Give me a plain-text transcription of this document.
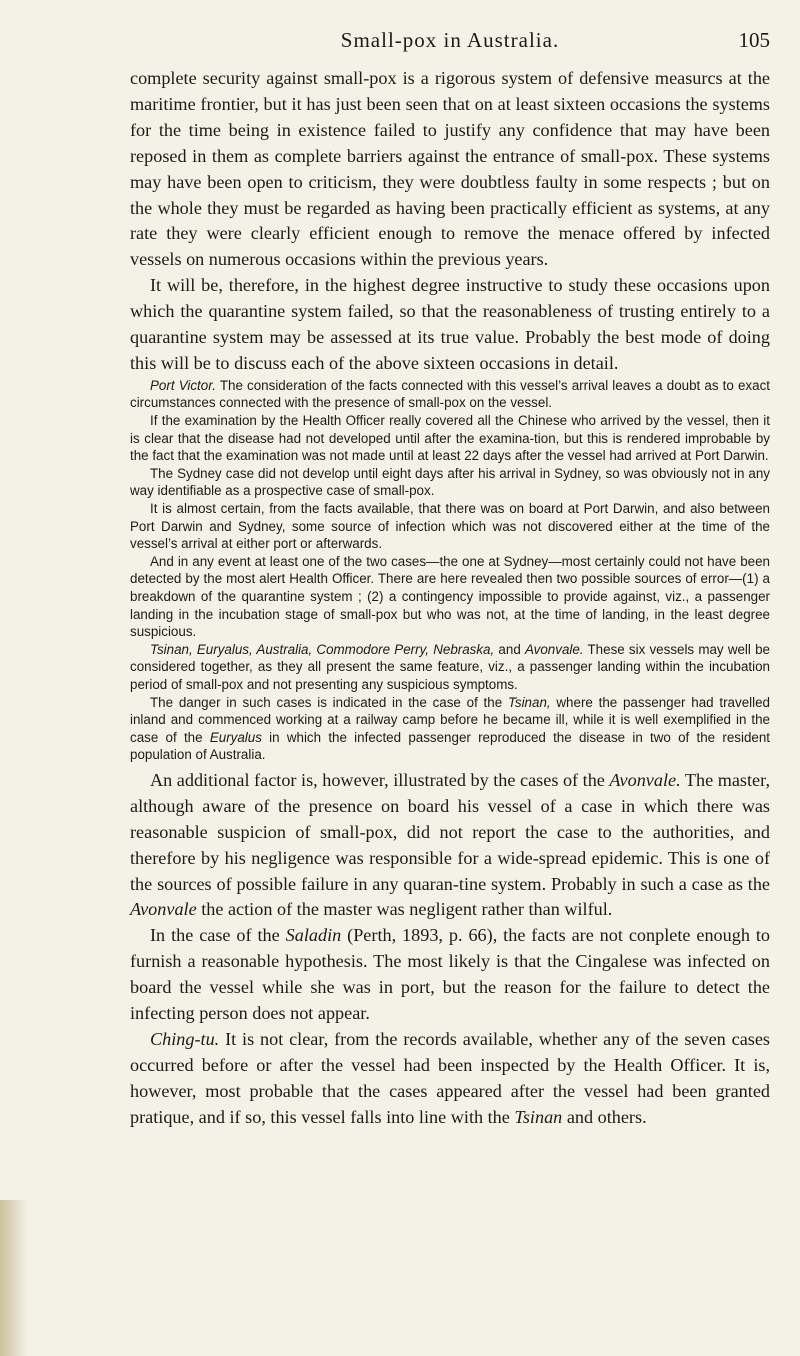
Small-pox in Australia.	105

complete security against small-pox is a rigorous system of defensive measurcs at the maritime frontier, but it has just been seen that on at least sixteen occasions the systems for the time being in existence failed to justify any confidence that may have been reposed in them as complete barriers against the entrance of small-pox. These systems may have been open to criticism, they were doubtless faulty in some respects ; but on the whole they must be regarded as having been practically efficient as systems, at any rate they were clearly efficient enough to remove the menace offered by infected vessels on numerous occasions within the previous years.

It will be, therefore, in the highest degree instructive to study these occasions upon which the quarantine system failed, so that the reasonableness of trusting entirely to a quarantine system may be assessed at its true value. Probably the best mode of doing this will be to discuss each of the above sixteen occasions in detail.

Port Victor. The consideration of the facts connected with this vessel’s arrival leaves a doubt as to exact circumstances connected with the presence of small-pox on the vessel.

If the examination by the Health Officer really covered all the Chinese who arrived by the vessel, then it is clear that the disease had not developed until after the examina-tion, but this is rendered improbable by the fact that the examination was not made until at least 22 days after the vessel had arrived at Port Darwin.

The Sydney case did not develop until eight days after his arrival in Sydney, so was obviously not in any way identifiable as a prospective case of small-pox.

It is almost certain, from the facts available, that there was on board at Port Darwin, and also between Port Darwin and Sydney, some source of infection which was not discovered either at the time of the vessel’s arrival at either port or afterwards.

And in any event at least one of the two cases—the one at Sydney—most certainly could not have been detected by the most alert Health Officer. There are here revealed then two possible sources of error—(1) a breakdown of the quarantine system ; (2) a contingency impossible to provide against, viz., a passenger landing in the incubation stage of small-pox but who was not, at the time of landing, in the least degree suspicious.

Tsinan, Euryalus, Australia, Commodore Perry, Nebraska, and Avonvale. These six vessels may well be considered together, as they all present the same feature, viz., a passenger landing within the incubation period of small-pox and not presenting any suspicious symptoms.

The danger in such cases is indicated in the case of the Tsinan, where the passenger had travelled inland and commenced working at a railway camp before he became ill, while it is well exemplified in the case of the Euryalus in which the infected passenger reproduced the disease in two of the resident population of Australia.

An additional factor is, however, illustrated by the cases of the Avonvale. The master, although aware of the presence on board his vessel of a case in which there was reasonable suspicion of small-pox, did not report the case to the authorities, and therefore by his negligence was responsible for a wide-spread epidemic. This is one of the sources of possible failure in any quaran-tine system. Probably in such a case as the Avonvale the action of the master was negligent rather than wilful.

In the case of the Saladin (Perth, 1893, p. 66), the facts are not conplete enough to furnish a reasonable hypothesis. The most likely is that the Cingalese was infected on board the vessel while she was in port, but the reason for the failure to detect the infecting person does not appear.

Ching-tu. It is not clear, from the records available, whether any of the seven cases occurred before or after the vessel had been inspected by the Health Officer. It is, however, most probable that the cases appeared after the vessel had been granted pratique, and if so, this vessel falls into line with the Tsinan and others.
